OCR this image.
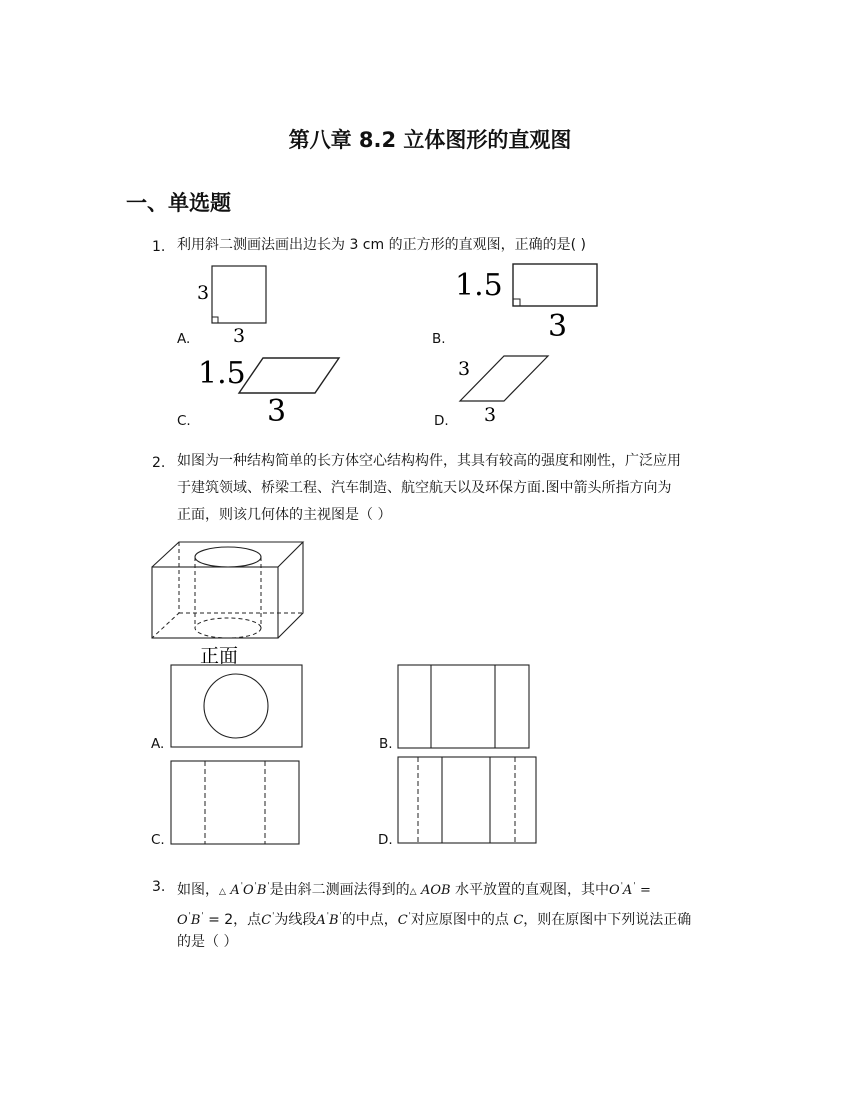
第八章 8.2 立体图形的直观图
一、单选题
1. 利用斜二测画法画出边长为 3 cm 的正方形的直观图，正确的是( )
3
3
A.
1.5
3
B.
1.5
3
C.
3
3
D.
2. 如图为一种结构简单的长方体空心结构构件，其具有较高的强度和刚性，广泛应用
于建筑领域、桥梁工程、汽车制造、航空航天以及环保方面.图中箭头所指方向为
正面，则该几何体的主视图是（ ）
正面
A.	B.
C.	D.
3. 如图，△ A'O'B'是由斜二测画法得到的△ AOB 水平放置的直观图，其中O'A' =
O'B' = 2，点C'为线段A'B'的中点，C'对应原图中的点 C，则在原图中下列说法正确
的是（ ）
